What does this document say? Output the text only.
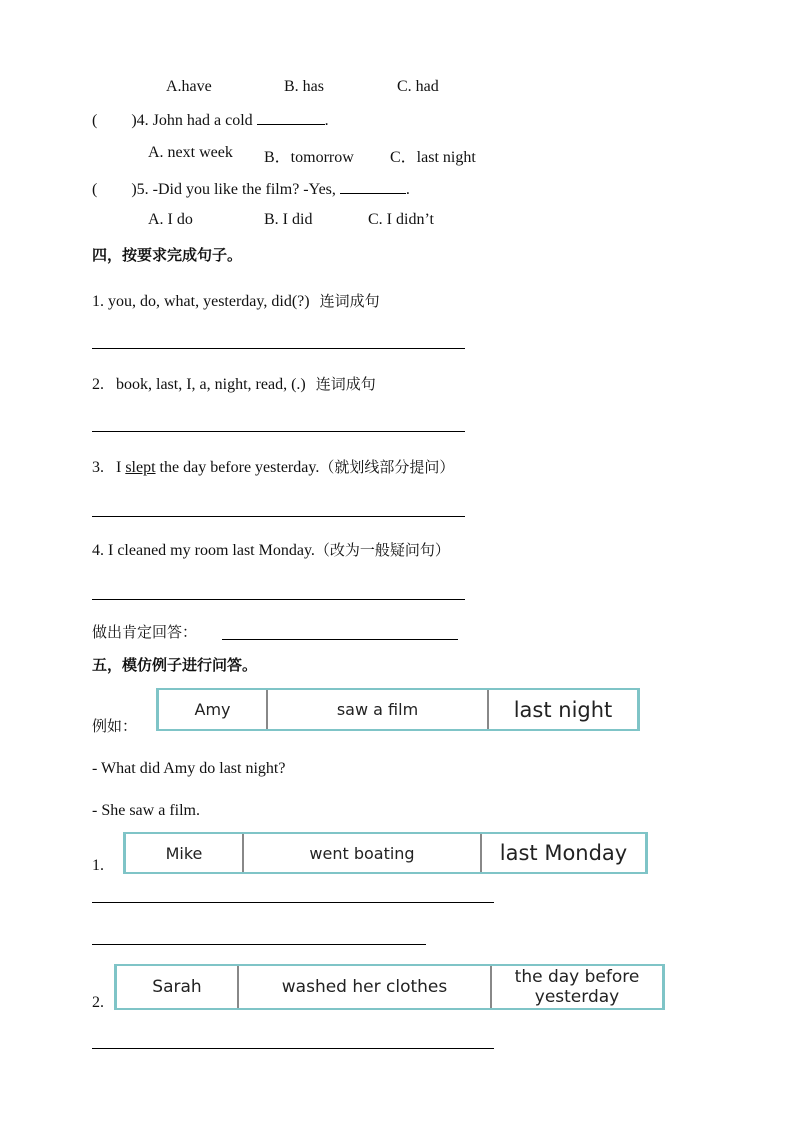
A.have	B. has	C. had
( )4. John had a cold	.
A. next week B．tomorrow C．last night
( )5. -Did you like the film? -Yes,	.
A. I do	B. I did	C. I didn’t
四，按要求完成句子。
1. you, do, what, yesterday, did(?) 连词成句
2.   book, last, I, a, night, read, (.) 连词成句
3.   I slept the day before yesterday.（就划线部分提问）
4. I cleaned my room last Monday.（改为一般疑问句）
做出肯定回答：
五，模仿例子进行问答。
例如：
Amy	saw a film	last night
- What did Amy do last night?
- She saw a film.
1.
Mike	went boating	last Monday
2.
Sarah	washed her clothes	the day before yesterday
